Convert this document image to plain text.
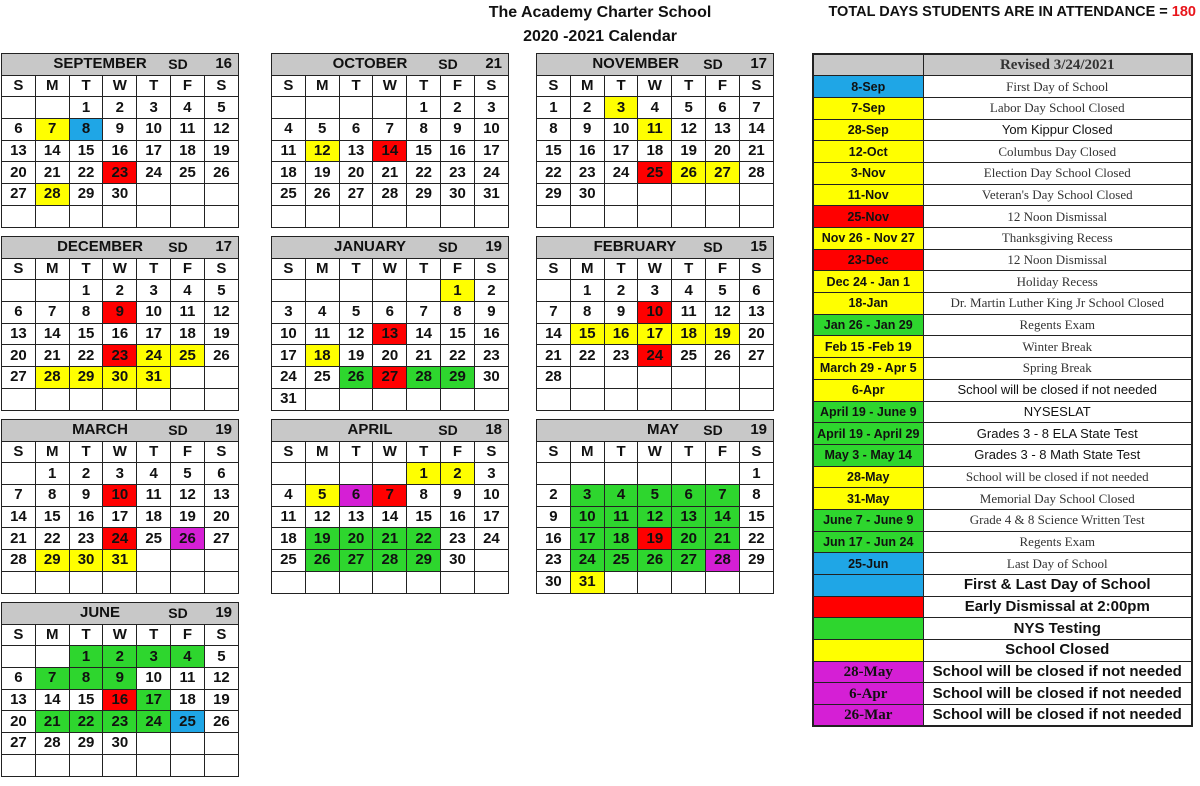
The Academy Charter School
2020 -2021 Calendar
TOTAL DAYS STUDENTS ARE IN ATTENDANCE = 180
SEPTEMBER SD 16						

S	M	T	W	T	F	S
		1	2	3	4	5
6	7	8	9	10	11	12
13	14	15	16	17	18	19
20	21	22	23	24	25	26
27	28	29	30			

OCTOBER SD 21						

S	M	T	W	T	F	S
				1	2	3
4	5	6	7	8	9	10
11	12	13	14	15	16	17
18	19	20	21	22	23	24
25	26	27	28	29	30	31

NOVEMBER SD 17						

S	M	T	W	T	F	S
1	2	3	4	5	6	7
8	9	10	11	12	13	14
15	16	17	18	19	20	21
22	23	24	25	26	27	28
29	30					

DECEMBER SD 17						

S	M	T	W	T	F	S
		1	2	3	4	5
6	7	8	9	10	11	12
13	14	15	16	17	18	19
20	21	22	23	24	25	26
27	28	29	30	31		

JANUARY SD 19						

S	M	T	W	T	F	S
					1	2
3	4	5	6	7	8	9
10	11	12	13	14	15	16
17	18	19	20	21	22	23
24	25	26	27	28	29	30
31						
FEBRUARY SD 15						

S	M	T	W	T	F	S
	1	2	3	4	5	6
7	8	9	10	11	12	13
14	15	16	17	18	19	20
21	22	23	24	25	26	27
28						

MARCH SD 19						

S	M	T	W	T	F	S
	1	2	3	4	5	6
7	8	9	10	11	12	13
14	15	16	17	18	19	20
21	22	23	24	25	26	27
28	29	30	31			

APRIL SD 18						

S	M	T	W	T	F	S
				1	2	3
4	5	6	7	8	9	10
11	12	13	14	15	16	17
18	19	20	21	22	23	24
25	26	27	28	29	30	

MAY SD 19						

S	M	T	W	T	F	S
						1
2	3	4	5	6	7	8
9	10	11	12	13	14	15
16	17	18	19	20	21	22
23	24	25	26	27	28	29
30	31					
JUNE SD 19						

S	M	T	W	T	F	S
		1	2	3	4	5
6	7	8	9	10	11	12
13	14	15	16	17	18	19
20	21	22	23	24	25	26
27	28	29	30			

	Revised 3/24/2021
8-Sep	First Day of School
7-Sep	Labor Day School Closed
28-Sep	Yom Kippur Closed
12-Oct	Columbus Day Closed
3-Nov	Election Day School Closed
11-Nov	Veteran's Day School Closed
25-Nov	12 Noon Dismissal
Nov 26 - Nov 27	Thanksgiving Recess
23-Dec	12 Noon Dismissal
Dec 24 - Jan 1	Holiday Recess
18-Jan	Dr. Martin Luther King Jr School Closed
Jan 26 - Jan 29	Regents Exam
Feb 15 -Feb 19	Winter Break
March 29 - Apr 5	Spring Break
6-Apr	School will be closed if not needed
April 19 - June 9	NYSESLAT
April 19 - April 29	Grades 3 - 8 ELA State Test
May 3 - May 14	Grades 3 - 8 Math State Test
28-May	School will be closed if not needed
31-May	Memorial Day School Closed
June 7 - June 9	Grade 4 & 8 Science Written Test
Jun 17 - Jun 24	Regents Exam
25-Jun	Last Day of School
	First & Last Day of School
	Early Dismissal at 2:00pm
	NYS Testing
	School Closed
28-May	School will be closed if not needed
6-Apr	School will be closed if not needed
26-Mar	School will be closed if not needed
